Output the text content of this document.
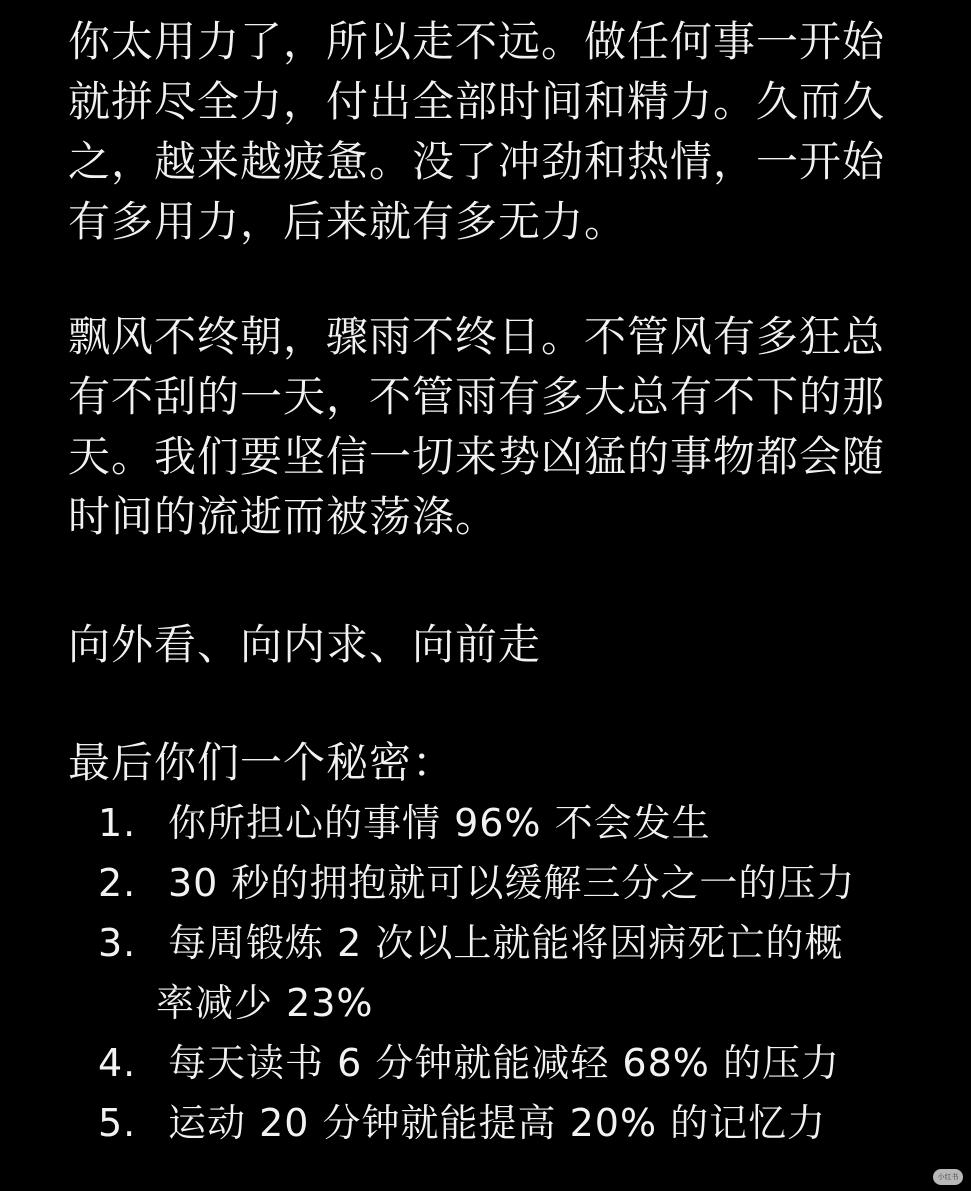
你太用力了，所以走不远。做任何事一开始
就拼尽全力，付出全部时间和精力。久而久
之，越来越疲惫。没了冲劲和热情，一开始
有多用力，后来就有多无力。

飘风不终朝，骤雨不终日。不管风有多狂总
有不刮的一天，不管雨有多大总有不下的那
天。我们要坚信一切来势凶猛的事物都会随
时间的流逝而被荡涤。

向外看、向内求、向前走

最后你们一个秘密：

1. 你所担心的事情 96% 不会发生
2. 30 秒的拥抱就可以缓解三分之一的压力
3. 每周锻炼 2 次以上就能将因病死亡的概
率减少 23%
4. 每天读书 6 分钟就能减轻 68% 的压力
5. 运动 20 分钟就能提高 20% 的记忆力
小红书
